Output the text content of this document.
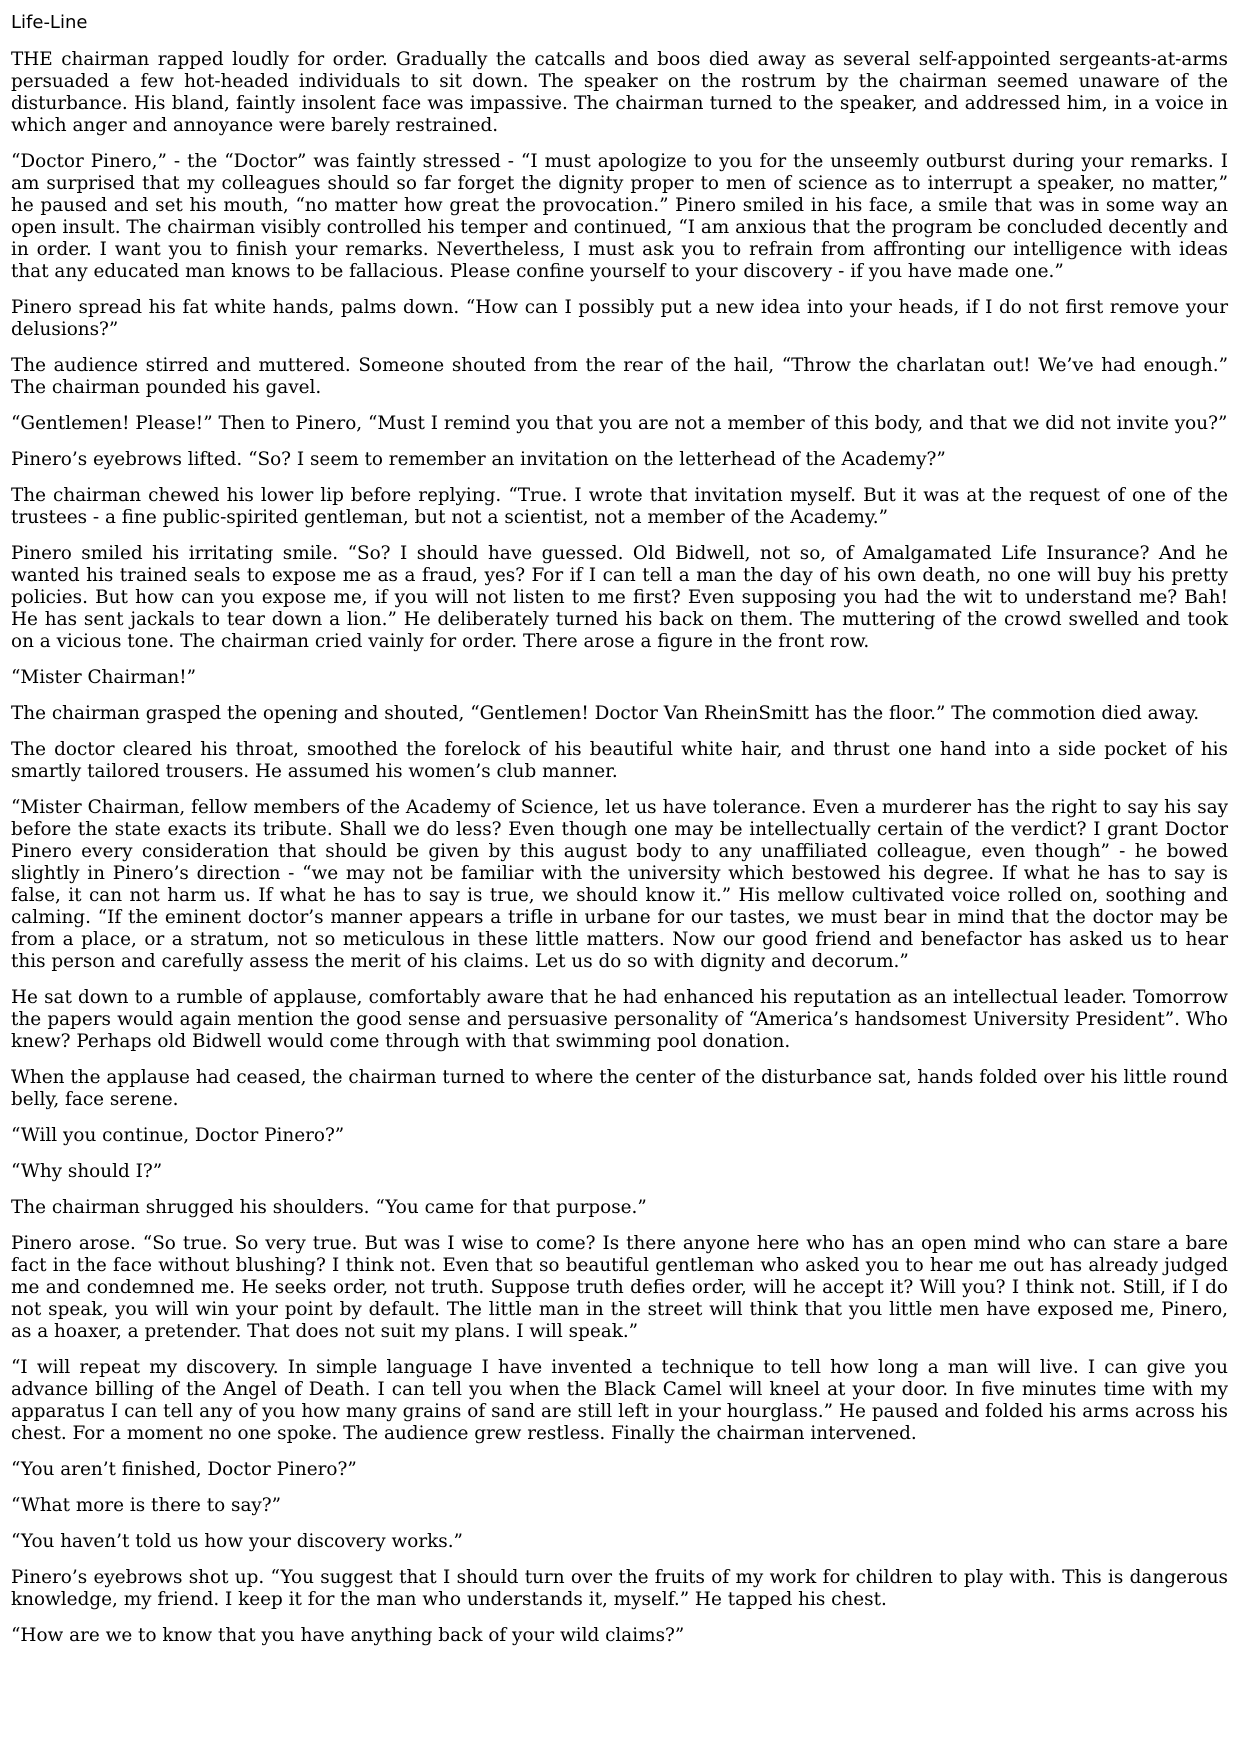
Life-Line

THE chairman rapped loudly for order. Gradually the catcalls and boos died away as several self-appointed sergeants-at-arms persuaded a few hot-headed individuals to sit down. The speaker on the rostrum by the chairman seemed unaware of the disturbance. His bland, faintly insolent face was impassive. The chairman turned to the speaker, and addressed him, in a voice in which anger and annoyance were barely restrained.

“Doctor Pinero,” - the “Doctor” was faintly stressed - “I must apologize to you for the unseemly outburst during your remarks. I am surprised that my colleagues should so far forget the dignity proper to men of science as to interrupt a speaker, no matter,” he paused and set his mouth, “no matter how great the provocation.” Pinero smiled in his face, a smile that was in some way an open insult. The chairman visibly controlled his temper and continued, “I am anxious that the program be concluded decently and in order. I want you to finish your remarks. Nevertheless, I must ask you to refrain from affronting our intelligence with ideas that any educated man knows to be fallacious. Please confine yourself to your discovery - if you have made one.”

Pinero spread his fat white hands, palms down. “How can I possibly put a new idea into your heads, if I do not first remove your delusions?”

The audience stirred and muttered. Someone shouted from the rear of the hail, “Throw the charlatan out! We’ve had enough.” The chairman pounded his gavel.

“Gentlemen! Please!” Then to Pinero, “Must I remind you that you are not a member of this body, and that we did not invite you?”

Pinero’s eyebrows lifted. “So? I seem to remember an invitation on the letterhead of the Academy?”

The chairman chewed his lower lip before replying. “True. I wrote that invitation myself. But it was at the request of one of the trustees - a fine public-spirited gentleman, but not a scientist, not a member of the Academy.”

Pinero smiled his irritating smile. “So? I should have guessed. Old Bidwell, not so, of Amalgamated Life Insurance? And he wanted his trained seals to expose me as a fraud, yes? For if I can tell a man the day of his own death, no one will buy his pretty policies. But how can you expose me, if you will not listen to me first? Even supposing you had the wit to understand me? Bah! He has sent jackals to tear down a lion.” He deliberately turned his back on them. The muttering of the crowd swelled and took on a vicious tone. The chairman cried vainly for order. There arose a figure in the front row.

“Mister Chairman!”

The chairman grasped the opening and shouted, “Gentlemen! Doctor Van RheinSmitt has the floor.” The commotion died away.

The doctor cleared his throat, smoothed the forelock of his beautiful white hair, and thrust one hand into a side pocket of his smartly tailored trousers. He assumed his women’s club manner.

“Mister Chairman, fellow members of the Academy of Science, let us have tolerance. Even a murderer has the right to say his say before the state exacts its tribute. Shall we do less? Even though one may be intellectually certain of the verdict? I grant Doctor Pinero every consideration that should be given by this august body to any unaffiliated colleague, even though” - he bowed slightly in Pinero’s direction - “we may not be familiar with the university which bestowed his degree. If what he has to say is false, it can not harm us. If what he has to say is true, we should know it.” His mellow cultivated voice rolled on, soothing and calming. “If the eminent doctor’s manner appears a trifle in urbane for our tastes, we must bear in mind that the doctor may be from a place, or a stratum, not so meticulous in these little matters. Now our good friend and benefactor has asked us to hear this person and carefully assess the merit of his claims. Let us do so with dignity and decorum.”

He sat down to a rumble of applause, comfortably aware that he had enhanced his reputation as an intellectual leader. Tomorrow the papers would again mention the good sense and persuasive personality of “America’s handsomest University President”. Who knew? Perhaps old Bidwell would come through with that swimming pool donation.

When the applause had ceased, the chairman turned to where the center of the disturbance sat, hands folded over his little round belly, face serene.

“Will you continue, Doctor Pinero?”

“Why should I?”

The chairman shrugged his shoulders. “You came for that purpose.”

Pinero arose. “So true. So very true. But was I wise to come? Is there anyone here who has an open mind who can stare a bare fact in the face without blushing? I think not. Even that so beautiful gentleman who asked you to hear me out has already judged me and condemned me. He seeks order, not truth. Suppose truth defies order, will he accept it? Will you? I think not. Still, if I do not speak, you will win your point by default. The little man in the street will think that you little men have exposed me, Pinero, as a hoaxer, a pretender. That does not suit my plans. I will speak.”

“I will repeat my discovery. In simple language I have invented a technique to tell how long a man will live. I can give you advance billing of the Angel of Death. I can tell you when the Black Camel will kneel at your door. In five minutes time with my apparatus I can tell any of you how many grains of sand are still left in your hourglass.” He paused and folded his arms across his chest. For a moment no one spoke. The audience grew restless. Finally the chairman intervened.

“You aren’t finished, Doctor Pinero?”

“What more is there to say?”

“You haven’t told us how your discovery works.”

Pinero’s eyebrows shot up. “You suggest that I should turn over the fruits of my work for children to play with. This is dangerous knowledge, my friend. I keep it for the man who understands it, myself.” He tapped his chest.

“How are we to know that you have anything back of your wild claims?”
